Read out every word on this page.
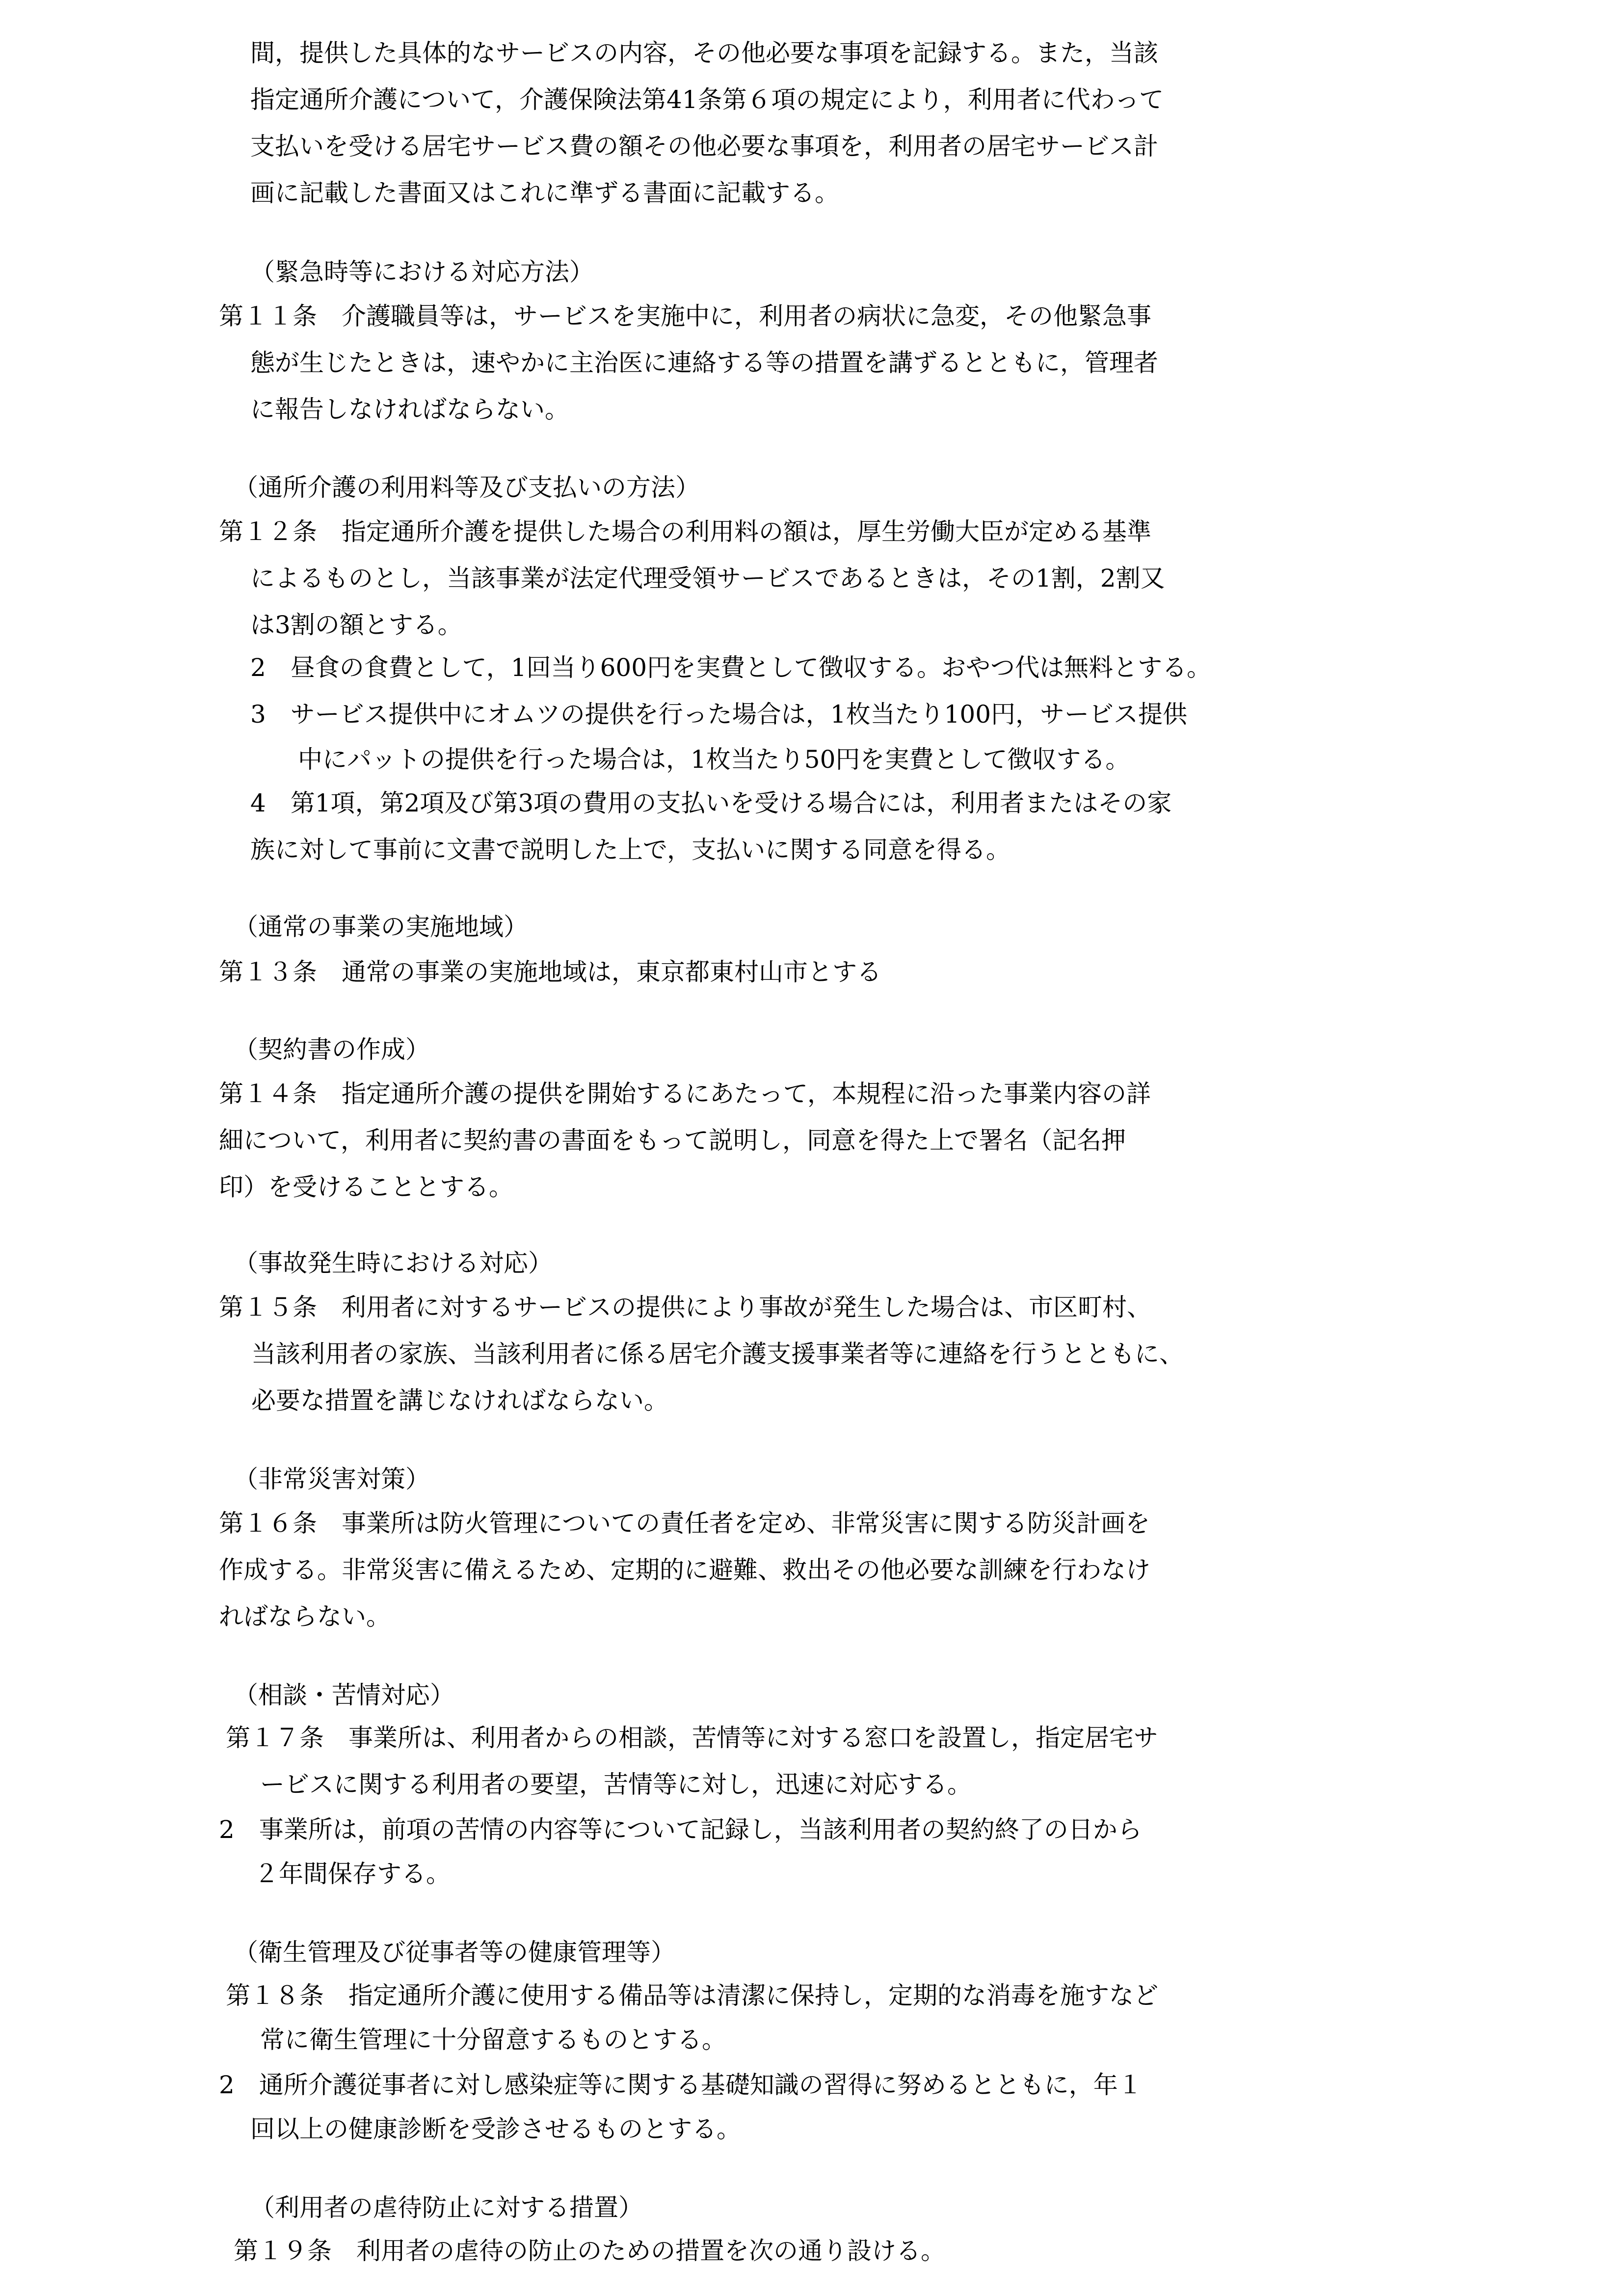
間，提供した具体的なサービスの内容，その他必要な事項を記録する。また，当該
指定通所介護について，介護保険法第41条第６項の規定により，利用者に代わって
支払いを受ける居宅サービス費の額その他必要な事項を，利用者の居宅サービス計
画に記載した書面又はこれに準ずる書面に記載する。
（緊急時等における対応方法）
第１１条　介護職員等は，サービスを実施中に，利用者の病状に急変，その他緊急事
態が生じたときは，速やかに主治医に連絡する等の措置を講ずるとともに，管理者
に報告しなければならない。
（通所介護の利用料等及び支払いの方法）
第１２条　指定通所介護を提供した場合の利用料の額は，厚生労働大臣が定める基準
によるものとし，当該事業が法定代理受領サービスであるときは，その1割，2割又
は3割の額とする。
2　昼食の食費として，1回当り600円を実費として徴収する。おやつ代は無料とする。
3　サービス提供中にオムツの提供を行った場合は，1枚当たり100円，サービス提供
中にパットの提供を行った場合は，1枚当たり50円を実費として徴収する。
4　第1項，第2項及び第3項の費用の支払いを受ける場合には，利用者またはその家
族に対して事前に文書で説明した上で，支払いに関する同意を得る。
（通常の事業の実施地域）
第１３条　通常の事業の実施地域は，東京都東村山市とする
（契約書の作成）
第１４条　指定通所介護の提供を開始するにあたって，本規程に沿った事業内容の詳
細について，利用者に契約書の書面をもって説明し，同意を得た上で署名（記名押
印）を受けることとする。
（事故発生時における対応）
第１５条　利用者に対するサービスの提供により事故が発生した場合は、市区町村、
当該利用者の家族、当該利用者に係る居宅介護支援事業者等に連絡を行うとともに、
必要な措置を講じなければならない。
（非常災害対策）
第１６条　事業所は防火管理についての責任者を定め、非常災害に関する防災計画を
作成する。非常災害に備えるため、定期的に避難、救出その他必要な訓練を行わなけ
ればならない。
（相談・苦情対応）
第１７条　事業所は、利用者からの相談，苦情等に対する窓口を設置し，指定居宅サ
ービスに関する利用者の要望，苦情等に対し，迅速に対応する。
2　事業所は，前項の苦情の内容等について記録し，当該利用者の契約終了の日から
２年間保存する。
（衛生管理及び従事者等の健康管理等）
第１８条　指定通所介護に使用する備品等は清潔に保持し，定期的な消毒を施すなど
常に衛生管理に十分留意するものとする。
2　通所介護従事者に対し感染症等に関する基礎知識の習得に努めるとともに，年１
回以上の健康診断を受診させるものとする。
（利用者の虐待防止に対する措置）
第１９条　利用者の虐待の防止のための措置を次の通り設ける。
